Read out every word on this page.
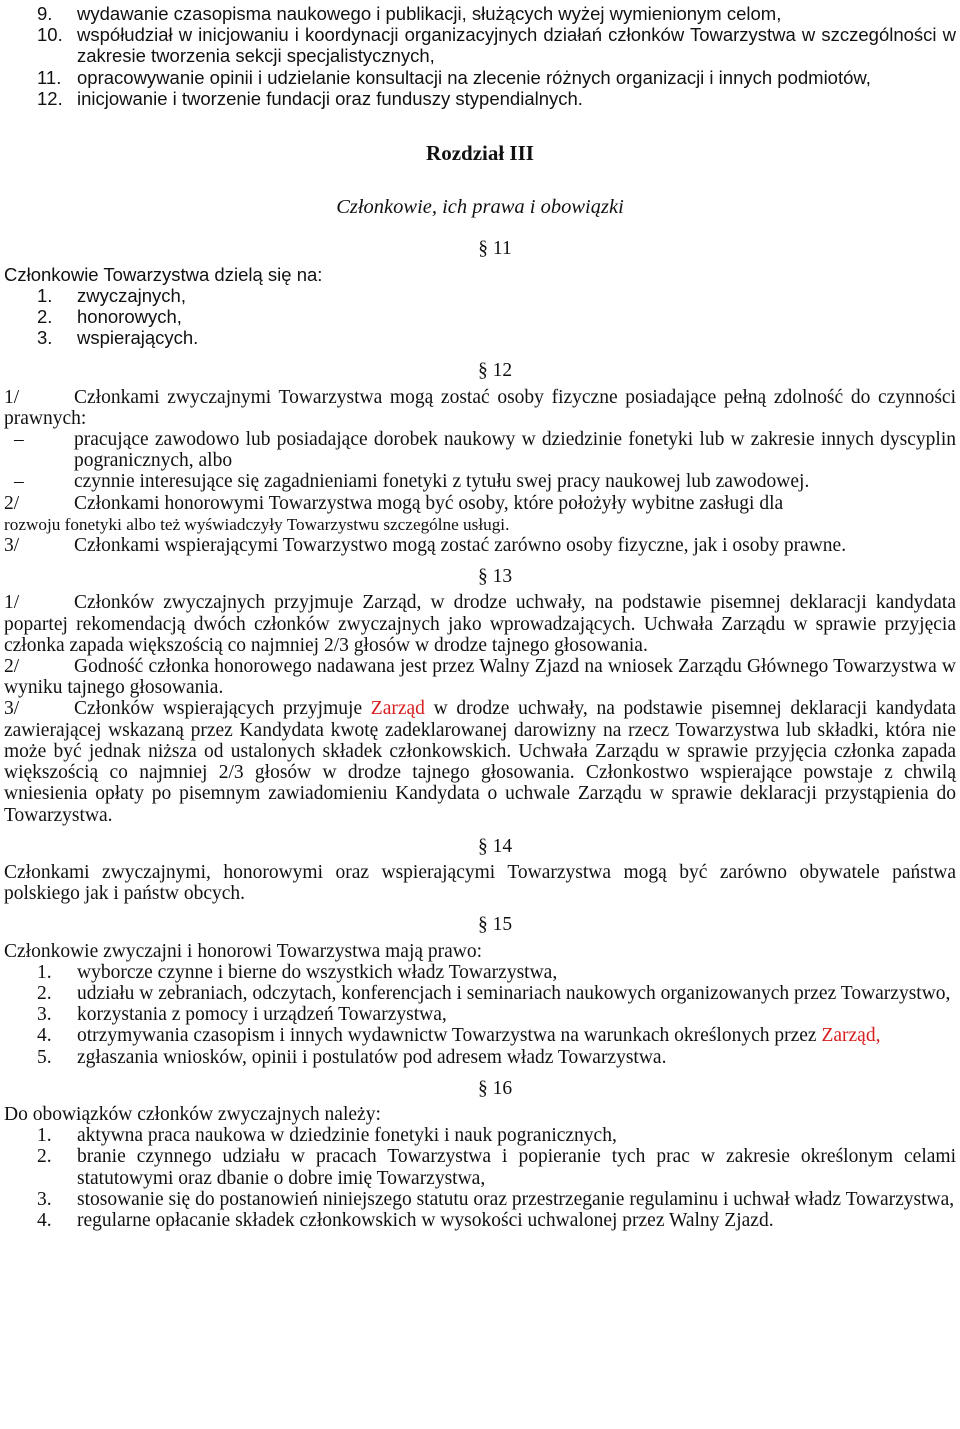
9.	wydawanie czasopisma naukowego i publikacji, służących wyżej wymienionym celom,
10. współudział w inicjowaniu i koordynacji organizacyjnych działań członków Towarzystwa w szczególności w zakresie tworzenia sekcji specjalistycznych,
11. opracowywanie opinii i udzielanie konsultacji na zlecenie różnych organizacji i innych podmiotów,
12. inicjowanie i tworzenie fundacji oraz funduszy stypendialnych.
Rozdział III
Członkowie, ich prawa i obowiązki
§ 11
Członkowie Towarzystwa dzielą się na:
1.	zwyczajnych,
2.	honorowych,
3.	wspierających.
§ 12
1/	Członkami zwyczajnymi Towarzystwa mogą zostać osoby fizyczne posiadające pełną zdolność do czynności prawnych:
–	pracujące zawodowo lub posiadające dorobek naukowy w dziedzinie fonetyki lub w zakresie innych dyscyplin pogranicznych, albo
–	czynnie interesujące się zagadnieniami fonetyki z tytułu swej pracy naukowej lub zawodowej.
2/	Członkami honorowymi Towarzystwa mogą być osoby, które położyły wybitne zasługi dla
rozwoju fonetyki albo też wyświadczyły Towarzystwu szczególne usługi.
3/	Członkami wspierającymi Towarzystwo mogą zostać zarówno osoby fizyczne, jak i osoby prawne.
§ 13
1/	Członków zwyczajnych przyjmuje Zarząd, w drodze uchwały, na podstawie pisemnej deklaracji kandydata popartej rekomendacją dwóch członków zwyczajnych jako wprowadzających. Uchwała Zarządu w sprawie przyjęcia członka zapada większością co najmniej 2/3 głosów w drodze tajnego głosowania.
2/	Godność członka honorowego nadawana jest przez Walny Zjazd na wniosek Zarządu Głównego Towarzystwa w wyniku tajnego głosowania.
3/	Członków wspierających przyjmuje Zarząd w drodze uchwały, na podstawie pisemnej deklaracji kandydata zawierającej wskazaną przez Kandydata kwotę zadeklarowanej darowizny na rzecz Towarzystwa lub składki, która nie może być jednak niższa od ustalonych składek członkowskich. Uchwała Zarządu w sprawie przyjęcia członka zapada większością co najmniej 2/3 głosów w drodze tajnego głosowania. Członkostwo wspierające powstaje z chwilą wniesienia opłaty po pisemnym zawiadomieniu Kandydata o uchwale Zarządu w sprawie deklaracji przystąpienia do Towarzystwa.
§ 14
Członkami zwyczajnymi, honorowymi oraz wspierającymi Towarzystwa mogą być zarówno obywatele państwa polskiego jak i państw obcych.
§ 15
Członkowie zwyczajni i honorowi Towarzystwa mają prawo:
1.	wyborcze czynne i bierne do wszystkich władz Towarzystwa,
2.	udziału w zebraniach, odczytach, konferencjach i seminariach naukowych organizowanych przez Towarzystwo,
3.	korzystania z pomocy i urządzeń Towarzystwa,
4.	otrzymywania czasopism i innych wydawnictw Towarzystwa na warunkach określonych przez Zarząd,
5.	zgłaszania wniosków, opinii i postulatów pod adresem władz Towarzystwa.
§ 16
Do obowiązków członków zwyczajnych należy:
1.	aktywna praca naukowa w dziedzinie fonetyki i nauk pogranicznych,
2.	branie czynnego udziału w pracach Towarzystwa i popieranie tych prac w zakresie określonym celami statutowymi oraz dbanie o dobre imię Towarzystwa,
3.	stosowanie się do postanowień niniejszego statutu oraz przestrzeganie regulaminu i uchwał władz Towarzystwa,
4.	regularne opłacanie składek członkowskich w wysokości uchwalonej przez Walny Zjazd.
